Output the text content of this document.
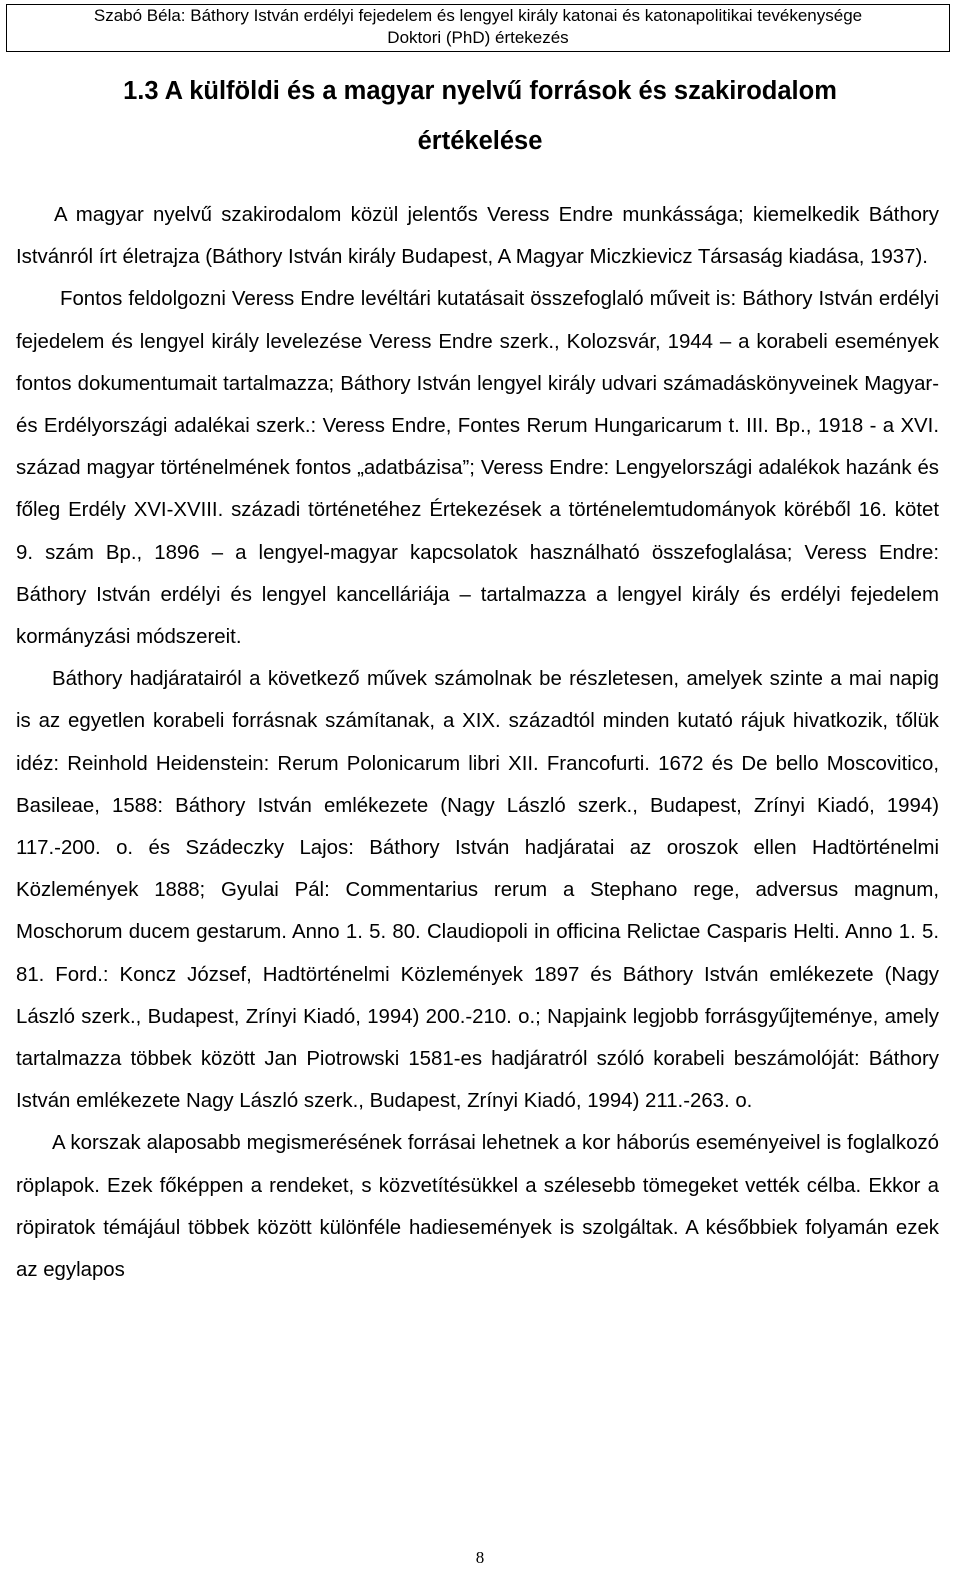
Szabó Béla: Báthory István erdélyi fejedelem és lengyel király katonai és katonapolitikai tevékenysége
Doktori (PhD) értekezés
1.3 A külföldi és a magyar nyelvű források és szakirodalom
értékelése

A magyar nyelvű szakirodalom közül jelentős Veress Endre munkássága; kiemelkedik Báthory Istvánról írt életrajza (Báthory István király Budapest, A Magyar Miczkievicz Társaság kiadása, 1937).

Fontos feldolgozni Veress Endre levéltári kutatásait összefoglaló műveit is: Báthory István erdélyi fejedelem és lengyel király levelezése Veress Endre szerk., Kolozsvár, 1944 – a korabeli események fontos dokumentumait tartalmazza; Báthory István lengyel király udvari számadáskönyveinek Magyar- és Erdélyországi adalékai szerk.: Veress Endre, Fontes Rerum Hungaricarum t. III. Bp., 1918 - a XVI. század magyar történelmének fontos „adatbázisa”; Veress Endre: Lengyelországi adalékok hazánk és főleg Erdély XVI-XVIII. századi történetéhez Értekezések a történelemtudományok köréből 16. kötet 9. szám Bp., 1896 – a lengyel-magyar kapcsolatok használható összefoglalása; Veress Endre: Báthory István erdélyi és lengyel kancelláriája – tartalmazza a lengyel király és erdélyi fejedelem kormányzási módszereit.

Báthory hadjáratairól a következő művek számolnak be részletesen, amelyek szinte a mai napig is az egyetlen korabeli forrásnak számítanak, a XIX. századtól minden kutató rájuk hivatkozik, tőlük idéz: Reinhold Heidenstein: Rerum Polonicarum libri XII. Francofurti. 1672 és De bello Moscovitico, Basileae, 1588: Báthory István emlékezete (Nagy László szerk., Budapest, Zrínyi Kiadó, 1994) 117.-200. o. és Szádeczky Lajos: Báthory István hadjáratai az oroszok ellen Hadtörténelmi Közlemények 1888; Gyulai Pál: Commentarius rerum a Stephano rege, adversus magnum, Moschorum ducem gestarum. Anno 1. 5. 80. Claudiopoli in officina Relictae Casparis Helti. Anno 1. 5. 81. Ford.: Koncz József, Hadtörténelmi Közlemények 1897 és Báthory István emlékezete (Nagy László szerk., Budapest, Zrínyi Kiadó, 1994) 200.-210. o.; Napjaink legjobb forrásgyűjteménye, amely tartalmazza többek között Jan Piotrowski 1581-es hadjáratról szóló korabeli beszámolóját: Báthory István emlékezete Nagy László szerk., Budapest, Zrínyi Kiadó, 1994) 211.-263. o.

A korszak alaposabb megismerésének forrásai lehetnek a kor háborús eseményeivel is foglalkozó röplapok. Ezek főképpen a rendeket, s közvetítésükkel a szélesebb tömegeket vették célba. Ekkor a röpiratok témájául többek között különféle hadiesemények is szolgáltak. A későbbiek folyamán ezek az egylapos

8
